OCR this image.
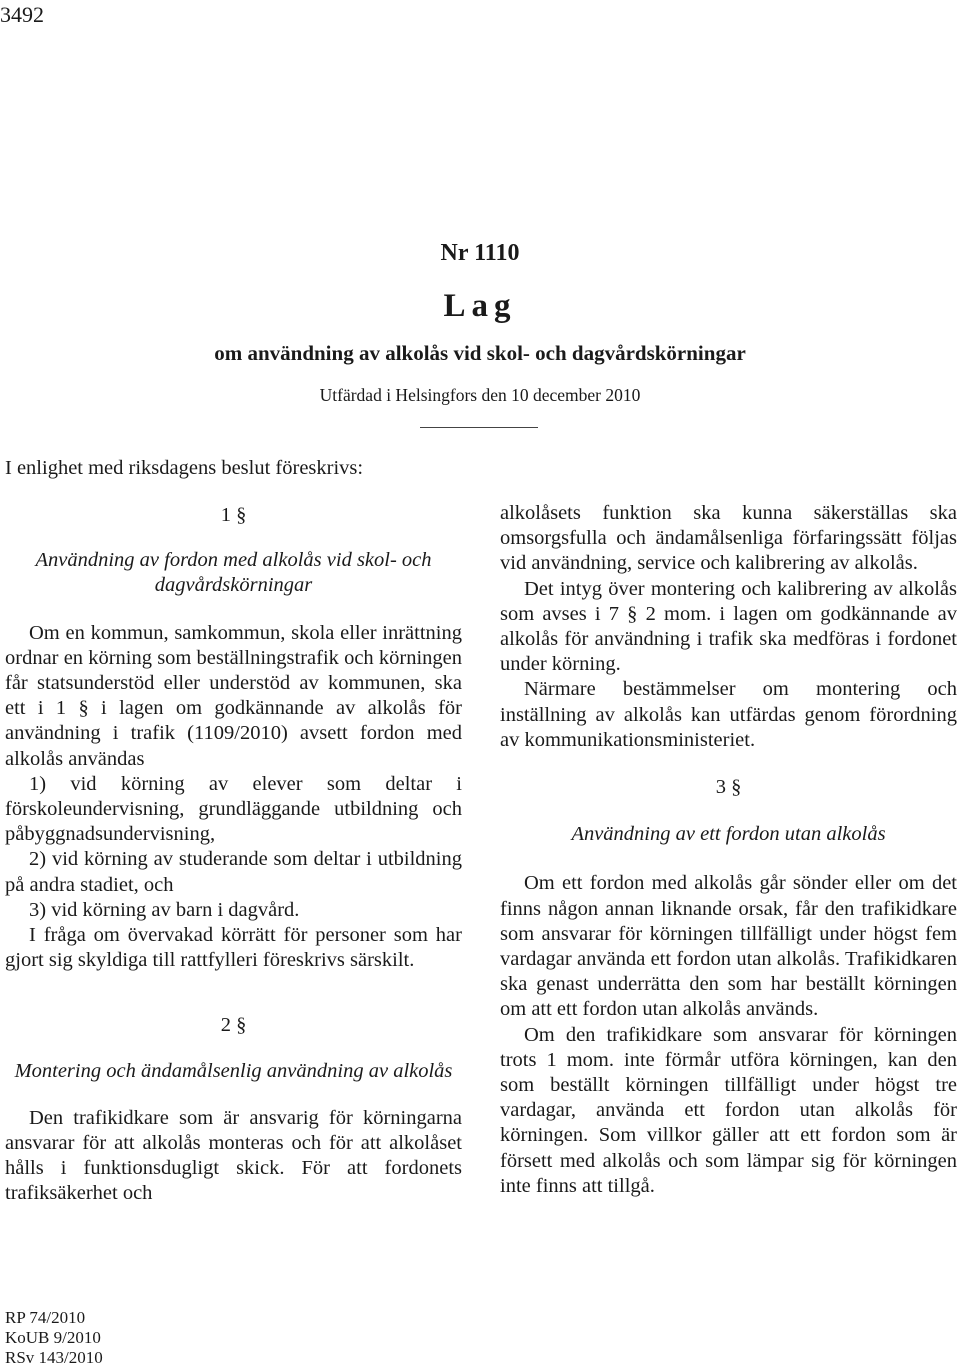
3492
Nr 1110
Lag
om användning av alkolås vid skol- och dagvårdskörningar
Utfärdad i Helsingfors den 10 december 2010
I enlighet med riksdagens beslut föreskrivs:
1 §
Användning av fordon med alkolås vid skol- och dagvårdskörningar

Om en kommun, samkommun, skola eller inrättning ordnar en körning som beställningstrafik och körningen får statsunderstöd eller understöd av kommunen, ska ett i 1 § i lagen om godkännande av alkolås för användning i trafik (1109/2010) avsett fordon med alkolås användas

1) vid körning av elever som deltar i förskoleundervisning, grundläggande utbildning och påbyggnadsundervisning,

2) vid körning av studerande som deltar i utbildning på andra stadiet, och

3) vid körning av barn i dagvård.

I fråga om övervakad körrätt för personer som har gjort sig skyldiga till rattfylleri föreskrivs särskilt.

2 §
Montering och ändamålsenlig användning av alkolås

Den trafikidkare som är ansvarig för körningarna ansvarar för att alkolås monteras och för att alkolåset hålls i funktionsdugligt skick. För att fordonets trafiksäkerhet och

alkolåsets funktion ska kunna säkerställas ska omsorgsfulla och ändamålsenliga förfaringssätt följas vid användning, service och kalibrering av alkolås.

Det intyg över montering och kalibrering av alkolås som avses i 7 § 2 mom. i lagen om godkännande av alkolås för användning i trafik ska medföras i fordonet under körning.

Närmare bestämmelser om montering och inställning av alkolås kan utfärdas genom förordning av kommunikationsministeriet.

3 §
Användning av ett fordon utan alkolås

Om ett fordon med alkolås går sönder eller om det finns någon annan liknande orsak, får den trafikidkare som ansvarar för körningen tillfälligt under högst fem vardagar använda ett fordon utan alkolås. Trafikidkaren ska genast underrätta den som har beställt körningen om att ett fordon utan alkolås används.

Om den trafikidkare som ansvarar för körningen trots 1 mom. inte förmår utföra körningen, kan den som beställt körningen tillfälligt under högst tre vardagar, använda ett fordon utan alkolås för körningen. Som villkor gäller att ett fordon som är försett med alkolås och som lämpar sig för körningen inte finns att tillgå.

RP 74/2010
KoUB 9/2010
RSv 143/2010
